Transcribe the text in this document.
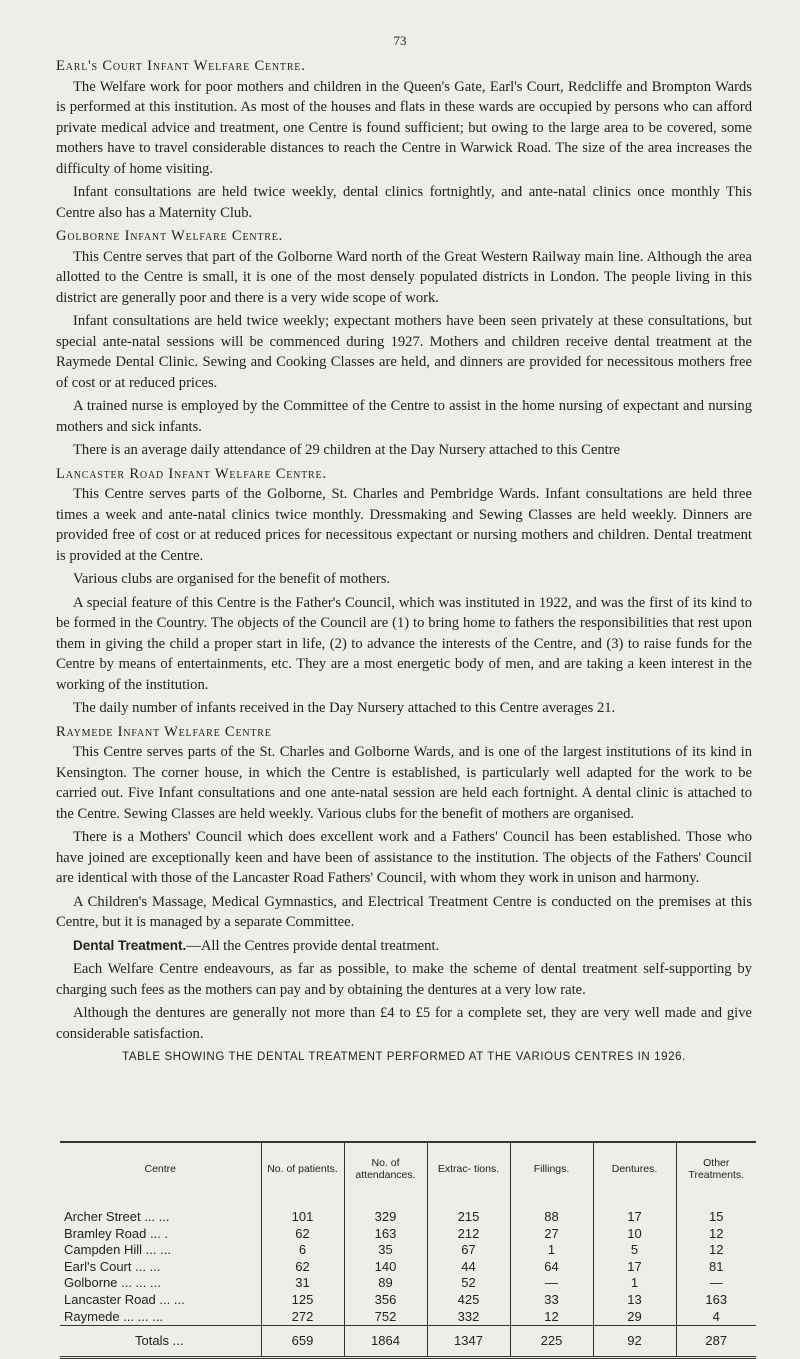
73
Earl's Court Infant Welfare Centre.

The Welfare work for poor mothers and children in the Queen's Gate, Earl's Court, Redcliffe and Brompton Wards is performed at this institution. As most of the houses and flats in these wards are occupied by persons who can afford private medical advice and treatment, one Centre is found sufficient; but owing to the large area to be covered, some mothers have to travel considerable distances to reach the Centre in Warwick Road. The size of the area increases the difficulty of home visiting.

Infant consultations are held twice weekly, dental clinics fortnightly, and ante-natal clinics once monthly This Centre also has a Maternity Club.

Golborne Infant Welfare Centre.

This Centre serves that part of the Golborne Ward north of the Great Western Railway main line. Although the area allotted to the Centre is small, it is one of the most densely populated districts in London. The people living in this district are generally poor and there is a very wide scope of work.

Infant consultations are held twice weekly; expectant mothers have been seen privately at these consultations, but special ante-natal sessions will be commenced during 1927. Mothers and children receive dental treatment at the Raymede Dental Clinic. Sewing and Cooking Classes are held, and dinners are provided for necessitous mothers free of cost or at reduced prices.

A trained nurse is employed by the Committee of the Centre to assist in the home nursing of expectant and nursing mothers and sick infants.

There is an average daily attendance of 29 children at the Day Nursery attached to this Centre

Lancaster Road Infant Welfare Centre.

This Centre serves parts of the Golborne, St. Charles and Pembridge Wards. Infant consultations are held three times a week and ante-natal clinics twice monthly. Dressmaking and Sewing Classes are held weekly. Dinners are provided free of cost or at reduced prices for necessitous expectant or nursing mothers and children. Dental treatment is provided at the Centre.

Various clubs are organised for the benefit of mothers.

A special feature of this Centre is the Father's Council, which was instituted in 1922, and was the first of its kind to be formed in the Country. The objects of the Council are (1) to bring home to fathers the responsibilities that rest upon them in giving the child a proper start in life, (2) to advance the interests of the Centre, and (3) to raise funds for the Centre by means of entertainments, etc. They are a most energetic body of men, and are taking a keen interest in the working of the institution.

The daily number of infants received in the Day Nursery attached to this Centre averages 21.

Raymede Infant Welfare Centre

This Centre serves parts of the St. Charles and Golborne Wards, and is one of the largest institutions of its kind in Kensington. The corner house, in which the Centre is established, is particularly well adapted for the work to be carried out. Five Infant consultations and one ante-natal session are held each fortnight. A dental clinic is attached to the Centre. Sewing Classes are held weekly. Various clubs for the benefit of mothers are organised.

There is a Mothers' Council which does excellent work and a Fathers' Council has been established. Those who have joined are exceptionally keen and have been of assistance to the institution. The objects of the Fathers' Council are identical with those of the Lancaster Road Fathers' Council, with whom they work in unison and harmony.

A Children's Massage, Medical Gymnastics, and Electrical Treatment Centre is conducted on the premises at this Centre, but it is managed by a separate Committee.

Dental Treatment.—All the Centres provide dental treatment.

Each Welfare Centre endeavours, as far as possible, to make the scheme of dental treatment self-supporting by charging such fees as the mothers can pay and by obtaining the dentures at a very low rate.

Although the dentures are generally not more than £4 to £5 for a complete set, they are very well made and give considerable satisfaction.

TABLE SHOWING THE DENTAL TREATMENT PERFORMED AT THE VARIOUS CENTRES IN 1926.
Centre	No. of patients.	No. of attendances.	Extrac- tions.	Fillings.	Dentures.	Other Treatments.

Archer Street ... ...	101	329	215	88	17	15
Bramley Road ... .	62	163	212	27	10	12
Campden Hill ... ...	6	35	67	1	5	12
Earl's Court ... ...	62	140	44	64	17	81
Golborne ... ... ...	31	89	52	—	1	—
Lancaster Road ... ...	125	356	425	33	13	163
Raymede ... ... ...	272	752	332	12	29	4
Totals ...	659	1864	1347	225	92	287
